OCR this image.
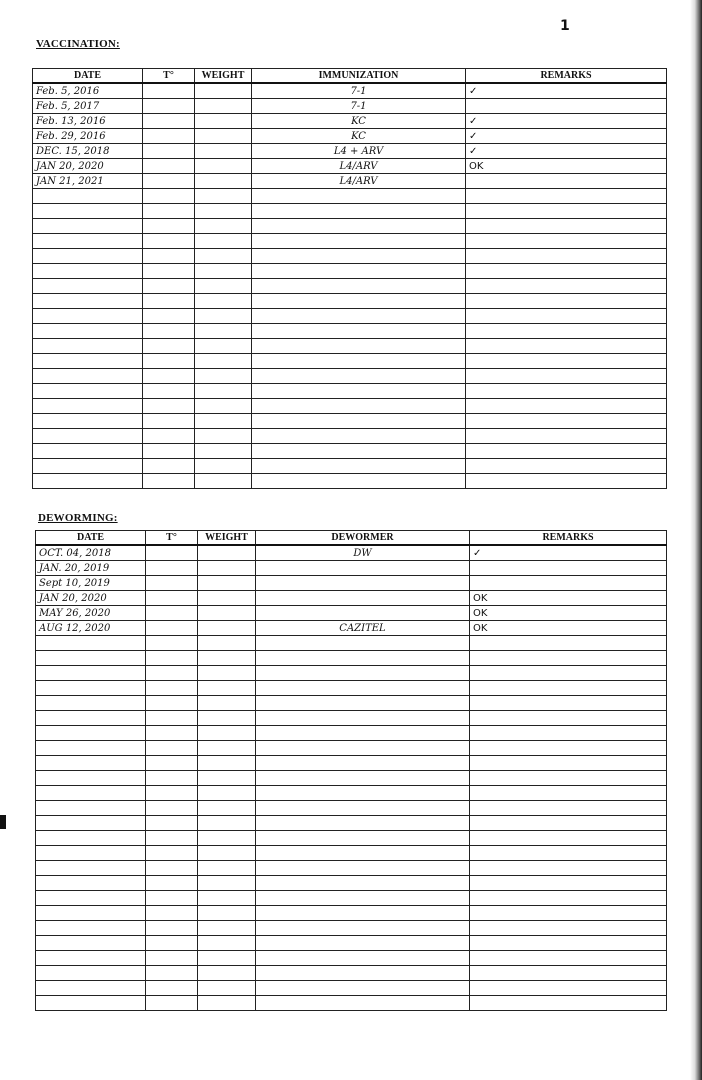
1
VACCINATION:
DATE	T°	WEIGHT	IMMUNIZATION	REMARKS
Feb. 5, 2016			7-1	✓
Feb. 5, 2017			7-1	
Feb. 13, 2016			KC	✓
Feb. 29, 2016			KC	✓
DEC. 15, 2018			L4 + ARV	✓
JAN 20, 2020			L4/ARV	OK
JAN 21, 2021			L4/ARV	

DEWORMING:
DATE	T°	WEIGHT	DEWORMER	REMARKS
OCT. 04, 2018			DW	✓
JAN. 20, 2019				
Sept 10, 2019				
JAN 20, 2020				OK
MAY 26, 2020				OK
AUG 12, 2020			CAZITEL	OK
